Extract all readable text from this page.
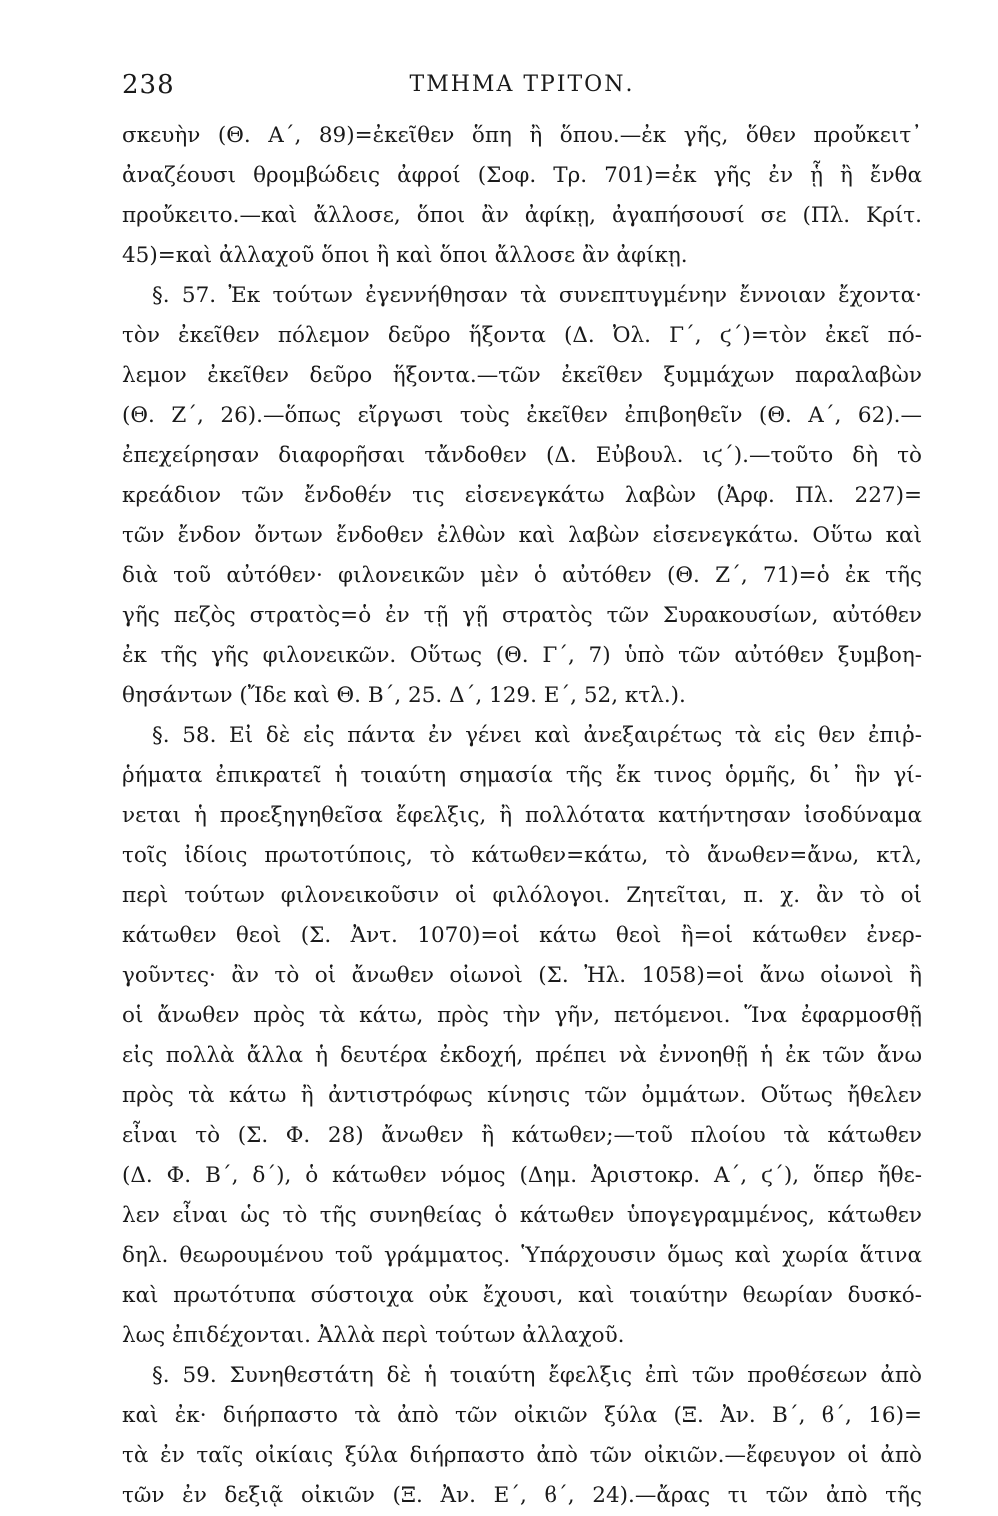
238	ΤΜΗΜΑ ΤΡΙΤΟΝ.
σκευὴν (Θ. Α΄, 89)=ἐκεῖθεν ὅπη ἢ ὅπου.—ἐκ γῆς, ὅθεν προὔκειτ᾽
ἀναζέουσι θρομβώδεις ἀφροί (Σοφ. Τρ. 701)=ἐκ γῆς ἐν ᾗ ἢ ἔνθα
προὔκειτο.—καὶ ἄλλοσε, ὅποι ἂν ἀφίκῃ, ἀγαπήσουσί σε (Πλ. Κρίτ.
45)=καὶ ἀλλαχοῦ ὅποι ἢ καὶ ὅποι ἄλλοσε ἂν ἀφίκῃ.
§. 57. Ἐκ τούτων ἐγεννήθησαν τὰ συνεπτυγμένην ἔννοιαν ἔχοντα·
τὸν ἐκεῖθεν πόλεμον δεῦρο ἥξοντα (Δ. Ὀλ. Γ΄, ϛ΄)=τὸν ἐκεῖ πό-
λεμον ἐκεῖθεν δεῦρο ἥξοντα.—τῶν ἐκεῖθεν ξυμμάχων παραλαβὼν
(Θ. Ζ΄, 26).—ὅπως εἴργωσι τοὺς ἐκεῖθεν ἐπιβοηθεῖν (Θ. Α΄, 62).—
ἐπεχείρησαν διαφορῆσαι τἄνδοθεν (Δ. Εὐβουλ. ιϛ΄).—τοῦτο δὴ τὸ
κρεάδιον τῶν ἔνδοθέν τις εἰσενεγκάτω λαβὼν (Ἀρφ. Πλ. 227)=
τῶν ἔνδον ὄντων ἔνδοθεν ἐλθὼν καὶ λαβὼν εἰσενεγκάτω. Οὕτω καὶ
διὰ τοῦ αὐτόθεν· φιλονεικῶν μὲν ὁ αὐτόθεν (Θ. Ζ΄, 71)=ὁ ἐκ τῆς
γῆς πεζὸς στρατὸς=ὁ ἐν τῇ γῇ στρατὸς τῶν Συρακουσίων, αὐτόθεν
ἐκ τῆς γῆς φιλονεικῶν. Οὕτως (Θ. Γ΄, 7) ὑπὸ τῶν αὐτόθεν ξυμβοη-
θησάντων (Ἴδε καὶ Θ. Β΄, 25. Δ΄, 129. Ε΄, 52, κτλ.).
§. 58. Εἰ δὲ εἰς πάντα ἐν γένει καὶ ἀνεξαιρέτως τὰ εἰς θεν ἐπιῤ-
ῥήματα ἐπικρατεῖ ἡ τοιαύτη σημασία τῆς ἔκ τινος ὁρμῆς, δι᾽ ἣν γί-
νεται ἡ προεξηγηθεῖσα ἔφελξις, ἢ πολλότατα κατήντησαν ἰσοδύναμα
τοῖς ἰδίοις πρωτοτύποις, τὸ κάτωθεν=κάτω, τὸ ἄνωθεν=ἄνω, κτλ,
περὶ τούτων φιλονεικοῦσιν οἱ φιλόλογοι. Ζητεῖται, π. χ. ἂν τὸ οἱ
κάτωθεν θεοὶ (Σ. Ἀντ. 1070)=οἱ κάτω θεοὶ ἢ=οἱ κάτωθεν ἐνερ-
γοῦντες· ἂν τὸ οἱ ἄνωθεν οἰωνοὶ (Σ. Ἠλ. 1058)=οἱ ἄνω οἰωνοὶ ἢ
οἱ ἄνωθεν πρὸς τὰ κάτω, πρὸς τὴν γῆν, πετόμενοι. Ἵνα ἐφαρμοσθῇ
εἰς πολλὰ ἄλλα ἡ δευτέρα ἐκδοχή, πρέπει νὰ ἐννοηθῇ ἡ ἐκ τῶν ἄνω
πρὸς τὰ κάτω ἢ ἀντιστρόφως κίνησις τῶν ὀμμάτων. Οὕτως ἤθελεν
εἶναι τὸ (Σ. Φ. 28) ἄνωθεν ἢ κάτωθεν;—τοῦ πλοίου τὰ κάτωθεν
(Δ. Φ. Β΄, δ΄), ὁ κάτωθεν νόμος (Δημ. Ἀριστοκρ. Α΄, ϛ΄), ὅπερ ἤθε-
λεν εἶναι ὡς τὸ τῆς συνηθείας ὁ κάτωθεν ὑπογεγραμμένος, κάτωθεν
δηλ. θεωρουμένου τοῦ γράμματος. Ὑπάρχουσιν ὅμως καὶ χωρία ἅτινα
καὶ πρωτότυπα σύστοιχα οὐκ ἔχουσι, καὶ τοιαύτην θεωρίαν δυσκό-
λως ἐπιδέχονται. Ἀλλὰ περὶ τούτων ἀλλαχοῦ.
§. 59. Συνηθεστάτη δὲ ἡ τοιαύτη ἔφελξις ἐπὶ τῶν προθέσεων ἀπὸ
καὶ ἐκ· διήρπαστο τὰ ἀπὸ τῶν οἰκιῶν ξύλα (Ξ. Ἀν. Β΄, ϐ΄, 16)=
τὰ ἐν ταῖς οἰκίαις ξύλα διήρπαστο ἀπὸ τῶν οἰκιῶν.—ἔφευγον οἱ ἀπὸ
τῶν ἐν δεξιᾷ οἰκιῶν (Ξ. Ἀν. Ε΄, ϐ΄, 24).—ἄρας τι τῶν ἀπὸ τῆς
